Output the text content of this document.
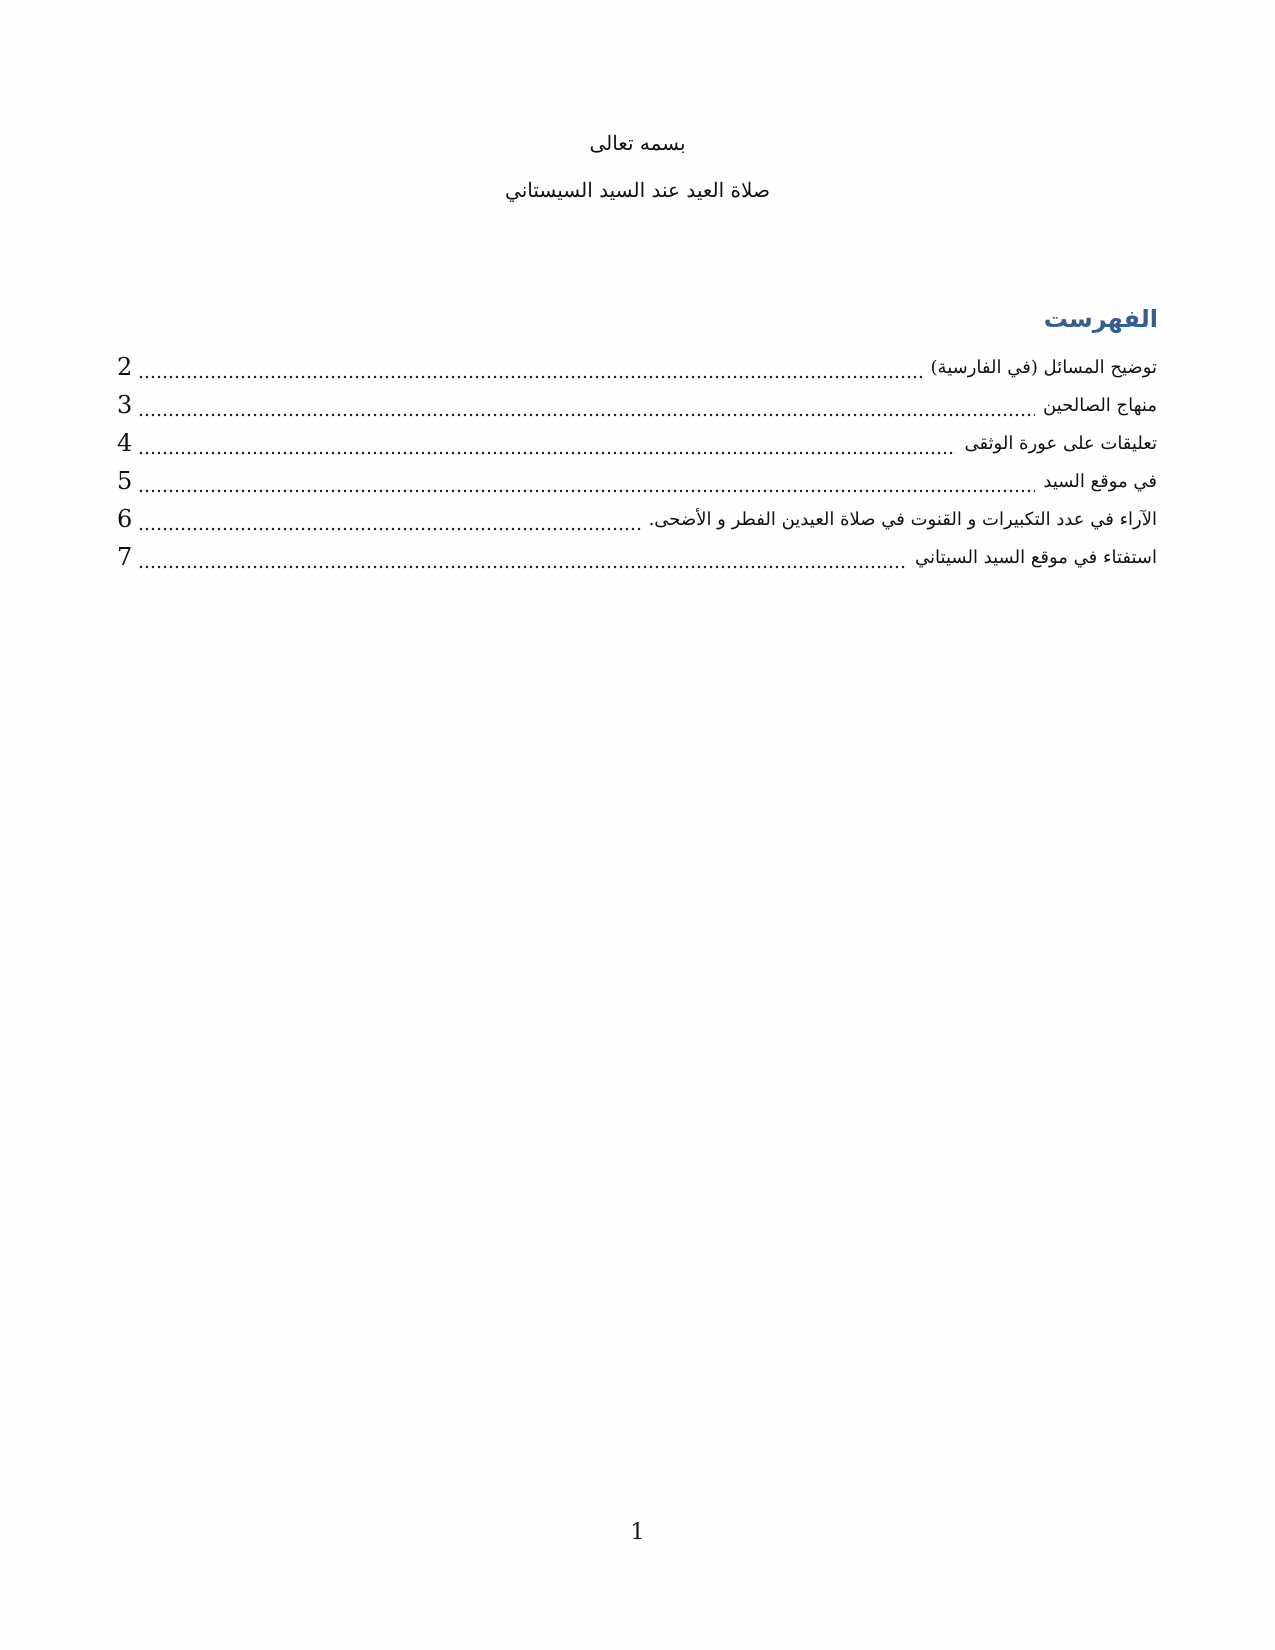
بسمه تعالى
صلاة العيد عند السيد السيستاني
الفهرست
2	توضيح المسائل (في الفارسية)
3	منهاج الصالحين
4	تعليقات على عورة الوثقى
5	في موقع السيد
6	الآراء في عدد التكبيرات و القنوت في صلاة العيدين الفطر و الأضحى.
7	استفتاء في موقع السيد السيتاني
1
